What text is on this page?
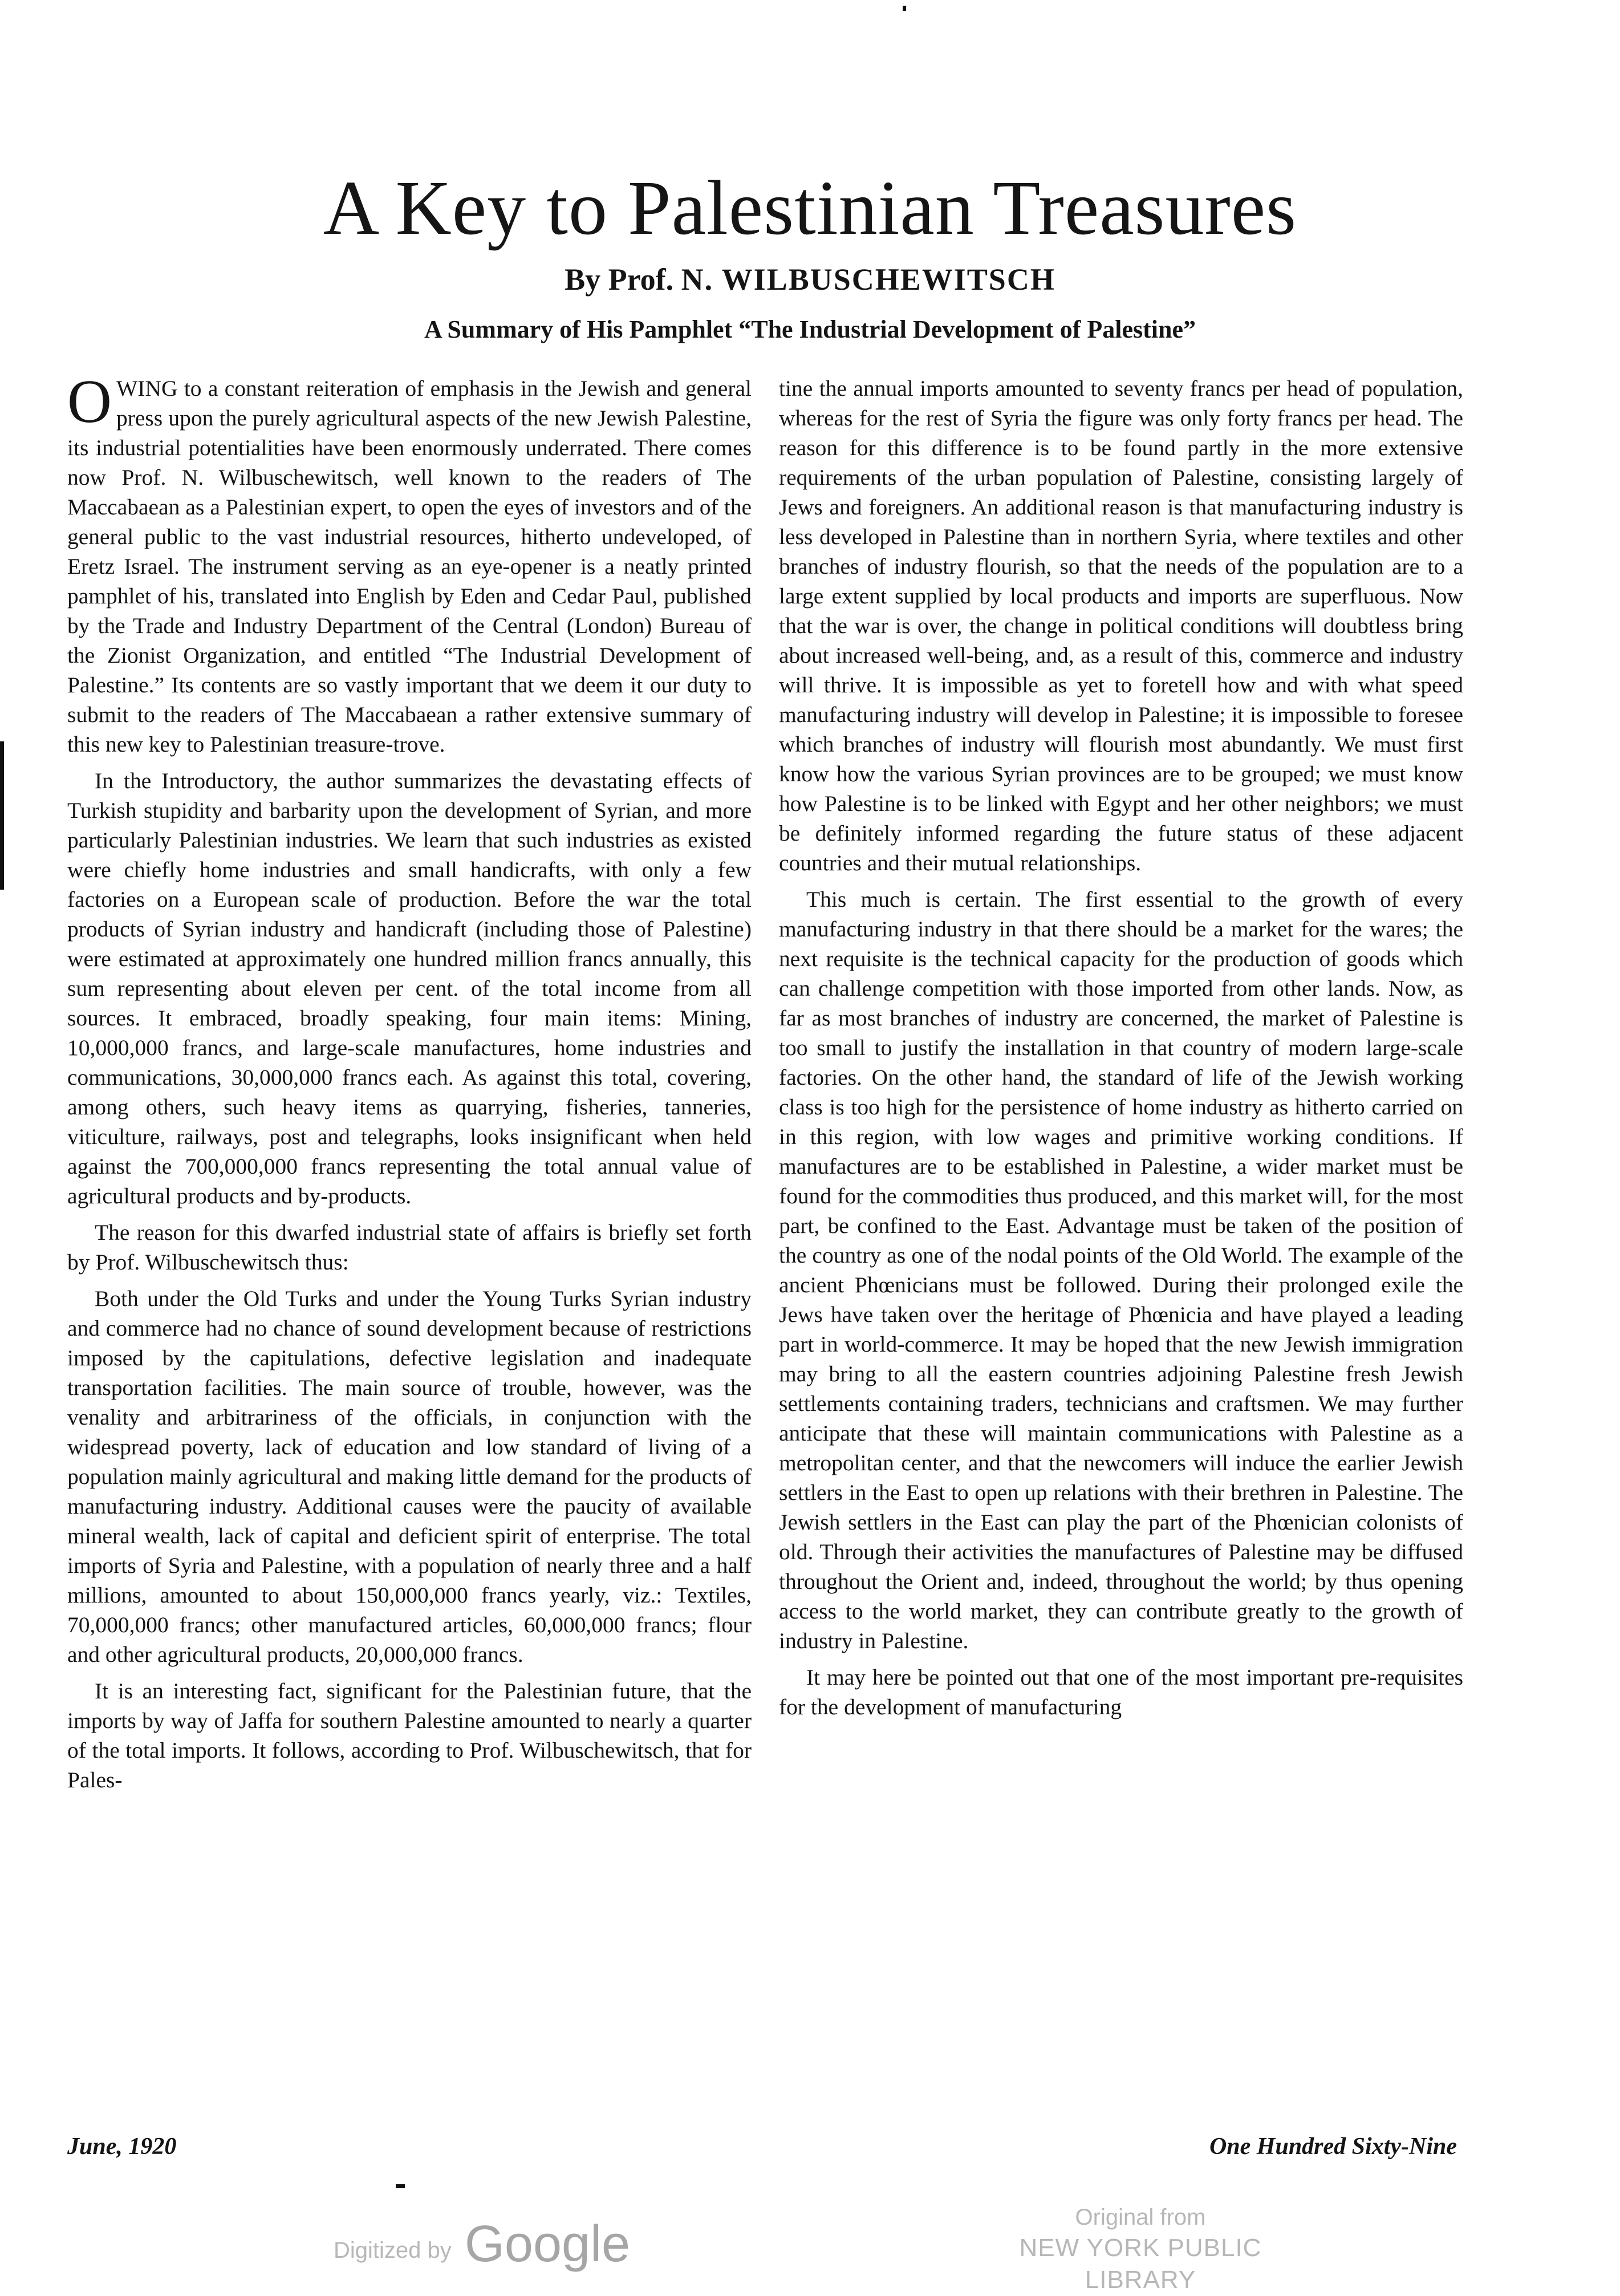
A Key to Palestinian Treasures
By Prof. N. WILBUSCHEWITSCH
A Summary of His Pamphlet “The Industrial Development of Palestine”

OWING to a constant reiteration of emphasis in the Jewish and general press upon the purely agricultural aspects of the new Jewish Palestine, its industrial potentialities have been enormously underrated. There comes now Prof. N. Wilbuschewitsch, well known to the readers of The Maccabaean as a Palestinian expert, to open the eyes of investors and of the general public to the vast industrial resources, hitherto undeveloped, of Eretz Israel. The instrument serving as an eye-opener is a neatly printed pamphlet of his, translated into English by Eden and Cedar Paul, published by the Trade and Industry Department of the Central (London) Bureau of the Zionist Organization, and entitled “The Industrial Development of Palestine.” Its contents are so vastly important that we deem it our duty to submit to the readers of The Maccabaean a rather extensive summary of this new key to Palestinian treasure-trove.

In the Introductory, the author summarizes the devastating effects of Turkish stupidity and barbarity upon the development of Syrian, and more particularly Palestinian industries. We learn that such industries as existed were chiefly home industries and small handicrafts, with only a few factories on a European scale of production. Before the war the total products of Syrian industry and handicraft (including those of Palestine) were estimated at approximately one hundred million francs annually, this sum representing about eleven per cent. of the total income from all sources. It embraced, broadly speaking, four main items: Mining, 10,000,000 francs, and large-scale manufactures, home industries and communications, 30,000,000 francs each. As against this total, covering, among others, such heavy items as quarrying, fisheries, tanneries, viticulture, railways, post and telegraphs, looks insignificant when held against the 700,000,000 francs representing the total annual value of agricultural products and by-products.

The reason for this dwarfed industrial state of affairs is briefly set forth by Prof. Wilbuschewitsch thus:

Both under the Old Turks and under the Young Turks Syrian industry and commerce had no chance of sound development because of restrictions imposed by the capitulations, defective legislation and inadequate transportation facilities. The main source of trouble, however, was the venality and arbitrariness of the officials, in conjunction with the widespread poverty, lack of education and low standard of living of a population mainly agricultural and making little demand for the products of manufacturing industry. Additional causes were the paucity of available mineral wealth, lack of capital and deficient spirit of enterprise. The total imports of Syria and Palestine, with a population of nearly three and a half millions, amounted to about 150,000,000 francs yearly, viz.: Textiles, 70,000,000 francs; other manufactured articles, 60,000,000 francs; flour and other agricultural products, 20,000,000 francs.

It is an interesting fact, significant for the Palestinian future, that the imports by way of Jaffa for southern Palestine amounted to nearly a quarter of the total imports. It follows, according to Prof. Wilbuschewitsch, that for Pales-

tine the annual imports amounted to seventy francs per head of population, whereas for the rest of Syria the figure was only forty francs per head. The reason for this difference is to be found partly in the more extensive requirements of the urban population of Palestine, consisting largely of Jews and foreigners. An additional reason is that manufacturing industry is less developed in Palestine than in northern Syria, where textiles and other branches of industry flourish, so that the needs of the population are to a large extent supplied by local products and imports are superfluous. Now that the war is over, the change in political conditions will doubtless bring about increased well-being, and, as a result of this, commerce and industry will thrive. It is impossible as yet to foretell how and with what speed manufacturing industry will develop in Palestine; it is impossible to foresee which branches of industry will flourish most abundantly. We must first know how the various Syrian provinces are to be grouped; we must know how Palestine is to be linked with Egypt and her other neighbors; we must be definitely informed regarding the future status of these adjacent countries and their mutual relationships.

This much is certain. The first essential to the growth of every manufacturing industry in that there should be a market for the wares; the next requisite is the technical capacity for the production of goods which can challenge competition with those imported from other lands. Now, as far as most branches of industry are concerned, the market of Palestine is too small to justify the installation in that country of modern large-scale factories. On the other hand, the standard of life of the Jewish working class is too high for the persistence of home industry as hitherto carried on in this region, with low wages and primitive working conditions. If manufactures are to be established in Palestine, a wider market must be found for the commodities thus produced, and this market will, for the most part, be confined to the East. Advantage must be taken of the position of the country as one of the nodal points of the Old World. The example of the ancient Phœnicians must be followed. During their prolonged exile the Jews have taken over the heritage of Phœnicia and have played a leading part in world-commerce. It may be hoped that the new Jewish immigration may bring to all the eastern countries adjoining Palestine fresh Jewish settlements containing traders, technicians and craftsmen. We may further anticipate that these will maintain communications with Palestine as a metropolitan center, and that the newcomers will induce the earlier Jewish settlers in the East to open up relations with their brethren in Palestine. The Jewish settlers in the East can play the part of the Phœnician colonists of old. Through their activities the manufactures of Palestine may be diffused throughout the Orient and, indeed, throughout the world; by thus opening access to the world market, they can contribute greatly to the growth of industry in Palestine.

It may here be pointed out that one of the most important pre-requisites for the development of manufacturing

June, 1920	One Hundred Sixty-Nine
Digitized by Google	Original from
NEW YORK PUBLIC LIBRARY
